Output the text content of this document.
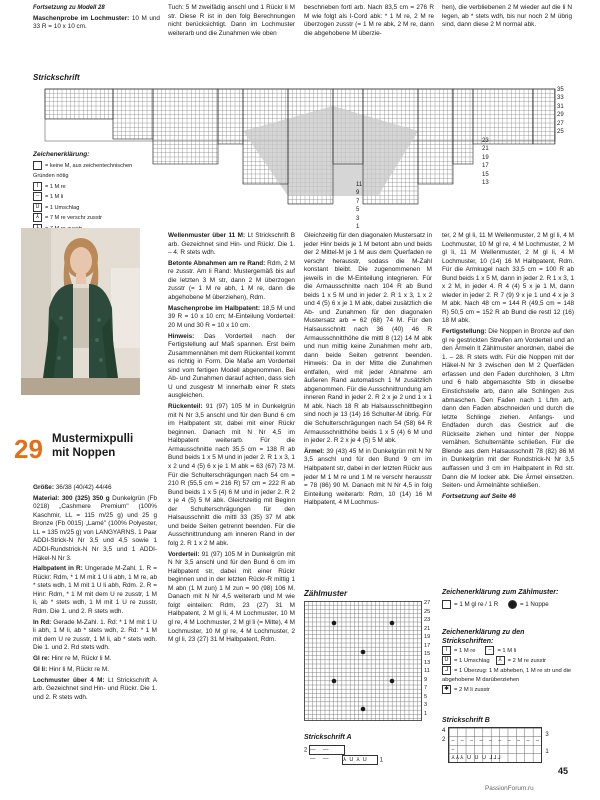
Fortsetzung zu Modell 28

Maschenprobe im Lochmuster: 10 M und 33 R = 10 x 10 cm.

Tuch: 5 M zweifädig anschl und 1 Rückr li M str. Diese R ist in den folg Berechnungen nicht berücksichtigt. Dann im Lochmuster weiterarb und die Zunahmen wie oben

beschrieben fortl arb. Nach 83,5 cm = 276 R M wie folgt als I-Cord abk: * 1 M re, 2 M re überzogen zusstr (= 1 M re abk, 2 M re, dann die abgehobene M überzie-

hen), die verbliebenen 2 M wieder auf die li N legen, ab * stets wdh, bis nur noch 2 M übrig sind, dann diese 2 M normal abk.

Strickschrift
35
33
31
29
27
25
23
21
19
17
15
13
11
9
7
5
3
1
Zeichenerklärung:
= keine M, aus zeichentechnischen Gründen nötig
I = 1 M re
– = 1 M li
U = 1 Umschlag
⅄ = 7 M re verschr zusstr
29 Mustermixpulli
mit Noppen

Größe: 36/38 (40/42) 44/46

Material: 300 (325) 350 g Dunkelgrün (Fb 0218) „Cashmere Premium" (100% Kaschmir, LL = 115 m/25 g) und 25 g Bronze (Fb 0015) „Lamé" (100% Polyester, LL = 135 m/25 g) von LANGYARNS. 1 Paar ADDI-Strick-N Nr 3,5 und 4,5 sowie 1 ADDI-Rundstrick-N Nr 3,5 und 1 ADDI-Häkel-N Nr 3.

Halbpatent in R: Ungerade M-Zahl. 1. R = Rückr: Rdm, * 1 M mit 1 U li abh, 1 M re, ab * stets wdh, 1 M mit 1 U li abh, Rdm. 2. R = Hinr: Rdm, * 1 M mit dem U re zusstr, 1 M li, ab * stets wdh, 1 M mit 1 U re zusstr, Rdm. Die 1. und 2. R stets wdh.

In Rd: Gerade M-Zahl. 1. Rd: * 1 M mit 1 U li abh, 1 M li, ab * stets wdh, 2. Rd: * 1 M mit dem U re zusstr, 1 M li, ab * stets wdh. Die 1. und 2. Rd stets wdh.

Gl re: Hinr re M, Rückr li M.

Gl li: Hinr li M, Rückr re M.

Lochmuster über 4 M: Lt Strickschrift A arb. Gezeichnet sind Hin- und Rückr. Die 1. und 2. R stets wdh.

Wellenmuster über 11 M: Lt Strickschrift B arb. Gezeichnet sind Hin- und Rückr. Die 1. – 4. R stets wdh.

Betonte Abnahmen am re Rand: Rdm, 2 M re zusstr. Am li Rand: Mustergemäß bis auf die letzten 3 M str, dann 2 M überzogen zusstr (= 1 M re abh, 1 M re, dann die abgehobene M überziehen), Rdm.

Maschenprobe im Halbpatent: 18,5 M und 39 R = 10 x 10 cm; M-Einteilung Vorderteil: 20 M und 30 R = 10 x 10 cm.

Hinweis: Das Vorderteil nach der Fertigstellung auf Maß spannen. Erst beim Zusammennähen mit dem Rückenteil kommt es richtig in Form. Die Maße am Vorderteil sind vom fertigen Modell abgenommen. Bei Ab- und Zunahmen darauf achten, dass sich U und zusgestr M innerhalb einer R stets ausgleichen.

Rückenteil: 91 (97) 105 M in Dunkelgrün mit N Nr 3,5 anschl und für den Bund 6 cm im Halbpatent str, dabei mit einer Rückr beginnen. Danach mit N Nr 4,5 im Halbpatent weiterarb. Für die Armausschnitte nach 35,5 cm = 138 R ab Bund beids 1 x 5 M und in jeder 2. R 1 x 3, 1 x 2 und 4 (5) 6 x je 1 M abk = 63 (67) 73 M. Für die Schulterschrägungen nach 54 cm = 210 R (55,5 cm = 216 R) 57 cm = 222 R ab Bund beids 1 x 5 (4) 6 M und in jeder 2. R 2 x je 4 (5) 5 M abk. Gleichzeitig mit Beginn der Schulterschrägungen für den Halsausschnitt die mittl 33 (35) 37 M abk und beide Seiten getrennt beenden. Für die Ausschnittrundung am inneren Rand in der folg 2. R 1 x 2 M abk.

Vorderteil: 91 (97) 105 M in Dunkelgrün mit N Nr 3,5 anschl und für den Bund 6 cm im Halbpatent str, dabei mit einer Rückr beginnen und in der letzten Rückr-R mittig 1 M abn (1 M zun) 1 M zun = 90 (98) 106 M. Danach mit N Nr 4,5 weiterarb und M wie folgt einteilen: Rdm, 23 (27) 31 M Halbpatent, 2 M gl li, 4 M Lochmuster, 10 M gl re, 4 M Lochmuster, 2 M gl li (= Mitte), 4 M Lochmuster, 10 M gl re, 4 M Lochmuster, 2 M gl li, 23 (27) 31 M Halbpatent, Rdm.

Gleichzeitig für den diagonalen Mustersatz in jeder Hinr beids je 1 M betont abn und beids der 2 Mittel-M je 1 M aus dem Querfaden re verschr herausstr, sodass die M-Zahl konstant bleibt. Die zugenommenen M jeweils in die M-Einteilung integrieren. Für die Armausschnitte nach 104 R ab Bund beids 1 x 5 M und in jeder 2. R 1 x 3, 1 x 2 und 4 (5) 6 x je 1 M abk, dabei zusätzlich die Ab- und Zunahmen für den diagonalen Mustersatz arb = 62 (68) 74 M. Für den Halsausschnitt nach 36 (40) 46 R Armausschnitthöhe die mittl 8 (12) 14 M abk und nun mittig keine Zunahmen mehr arb, dann beide Seiten getrennt beenden. Hinweis: Da in der Mitte die Zunahmen entfallen, wird mit jeder Abnahme am äußeren Rand automatisch 1 M zusätzlich abgenommen. Für die Ausschnittrundung am inneren Rand in jeder 2. R 2 x je 2 und 1 x 1 M abk. Nach 18 R ab Halsausschnittbeginn sind noch je 13 (14) 16 Schulter-M übrig. Für die Schulterschrägungen nach 54 (58) 64 R Armausschnitthöhe beids 1 x 5 (4) 6 M und in jeder 2. R 2 x je 4 (5) 5 M abk.

Ärmel: 39 (43) 45 M in Dunkelgrün mit N Nr 3,5 anschl und für den Bund 9 cm im Halbpatent str, dabei in der letzten Rückr aus jeder M 1 M re und 1 M re verschr herausstr = 78 (86) 90 M. Danach mit N Nr 4,5 in folg Einteilung weiterarb: Rdm, 10 (14) 16 M Halbpatent, 4 M Lochmus-

ter, 2 M gl li, 11 M Wellenmuster, 2 M gl li, 4 M Lochmuster, 10 M gl re, 4 M Lochmuster, 2 M gl li, 11 M Wellenmuster, 2 M gl li, 4 M Lochmuster, 10 (14) 16 M Halbpatent, Rdm. Für die Armkugel nach 33,5 cm = 100 R ab Bund beids 1 x 5 M, dann in jeder 2. R 1 x 3, 1 x 2 M, in jeder 4. R 4 (4) 5 x je 1 M, dann wieder in jeder 2. R 7 (9) 9 x je 1 und 4 x je 3 M abk. Nach 48 cm = 144 R (49,5 cm = 148 R) 50,5 cm = 152 R ab Bund die restl 12 (16) 18 M abk.

Fertigstellung: Die Noppen in Bronze auf den gl re gestrickten Streifen am Vorderteil und an den Ärmeln lt Zählmuster anordnen, dabei die 1. – 28. R stets wdh. Für die Noppen mit der Häkel-N Nr 3 zwischen den M 2 Querfäden erfassen und den Faden durchholen, 3 Lftm und 6 halb abgemaschte Stb in dieselbe Einstichstelle arb, dann alle Schlingen zus abmaschen. Den Faden nach 1 Lftm arb, dann den Faden abschneiden und durch die letzte Schlinge ziehen. Anfangs- und Endfaden durch das Gestrick auf die Rückseite ziehen und hinter der Noppe vernähen. Schulternähte schließen. Für die Blende aus dem Halsausschnitt 78 (82) 86 M in Dunkelgrün mit der Rundstrick-N Nr 3,5 auffassen und 3 cm im Halbpatent in Rd str. Dann die M locker abk. Die Ärmel einsetzen. Seiten- und Ärmelnähte schließen.

Fortsetzung auf Seite 46

Zählmuster
27
25
23
21
19
17
15
13
11
9
7
5
3
1
Strickschrift A
2 — — — —	⅄U⅄U 1
Zeichenerklärung zum Zählmuster:
= 1 M gl re / 1 R	= 1 Noppe
Zeichenerklärung zu den Strickschriften:
I = 1 M re	– = 1 M li
U = 1 Umschlag	⅄ = 2 M re zusstr
⅃ = 1 Überzug: 1 M abheben, 1 M re str und die abgehobene M darüberziehen
✱ = 2 M li zusstr
Strickschrift B
4
2 – – – – – – – – – – –
⅄⅄⅄ U U U ⅃⅃⅃
3
1
45
PassionForum.ru
